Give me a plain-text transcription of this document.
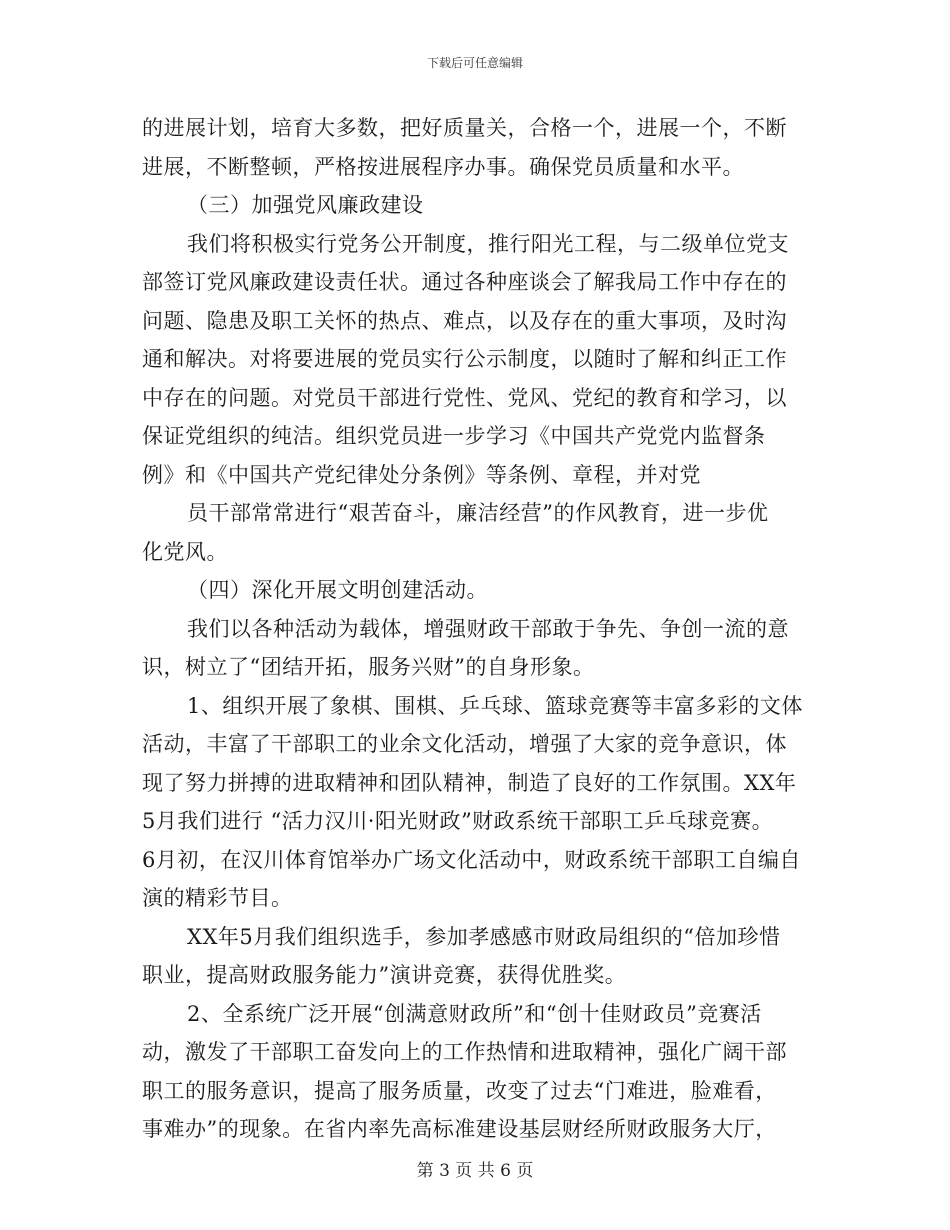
下载后可任意编辑
的进展计划，培育大多数，把好质量关，合格一个，进展一个，不断
进展，不断整顿，严格按进展程序办事。确保党员质量和水平。
（三）加强党风廉政建设
我们将积极实行党务公开制度，推行阳光工程，与二级单位党支
部签订党风廉政建设责任状。通过各种座谈会了解我局工作中存在的
问题、隐患及职工关怀的热点、难点，以及存在的重大事项，及时沟
通和解决。对将要进展的党员实行公示制度，以随时了解和纠正工作
中存在的问题。对党员干部进行党性、党风、党纪的教育和学习，以
保证党组织的纯洁。组织党员进一步学习《中国共产党党内监督条
例》和《中国共产党纪律处分条例》等条例、章程，并对党
员干部常常进行“艰苦奋斗，廉洁经营”的作风教育，进一步优
化党风。
（四）深化开展文明创建活动。
我们以各种活动为载体，增强财政干部敢于争先、争创一流的意
识，树立了“团结开拓，服务兴财”的自身形象。
1、组织开展了象棋、围棋、乒乓球、篮球竞赛等丰富多彩的文体
活动，丰富了干部职工的业余文化活动，增强了大家的竞争意识，体
现了努力拼搏的进取精神和团队精神，制造了良好的工作氛围。XX年
5月我们进行 “活力汉川·阳光财政”财政系统干部职工乒乓球竞赛。
6月初，在汉川体育馆举办广场文化活动中，财政系统干部职工自编自
演的精彩节目。
XX年5月我们组织选手，参加孝感感市财政局组织的“倍加珍惜
职业，提高财政服务能力”演讲竞赛，获得优胜奖。
2、全系统广泛开展“创满意财政所”和“创十佳财政员”竞赛活
动，激发了干部职工奋发向上的工作热情和进取精神，强化广阔干部
职工的服务意识，提高了服务质量，改变了过去“门难进，脸难看，
事难办”的现象。在省内率先高标准建设基层财经所财政服务大厅，
第 3 页 共 6 页
